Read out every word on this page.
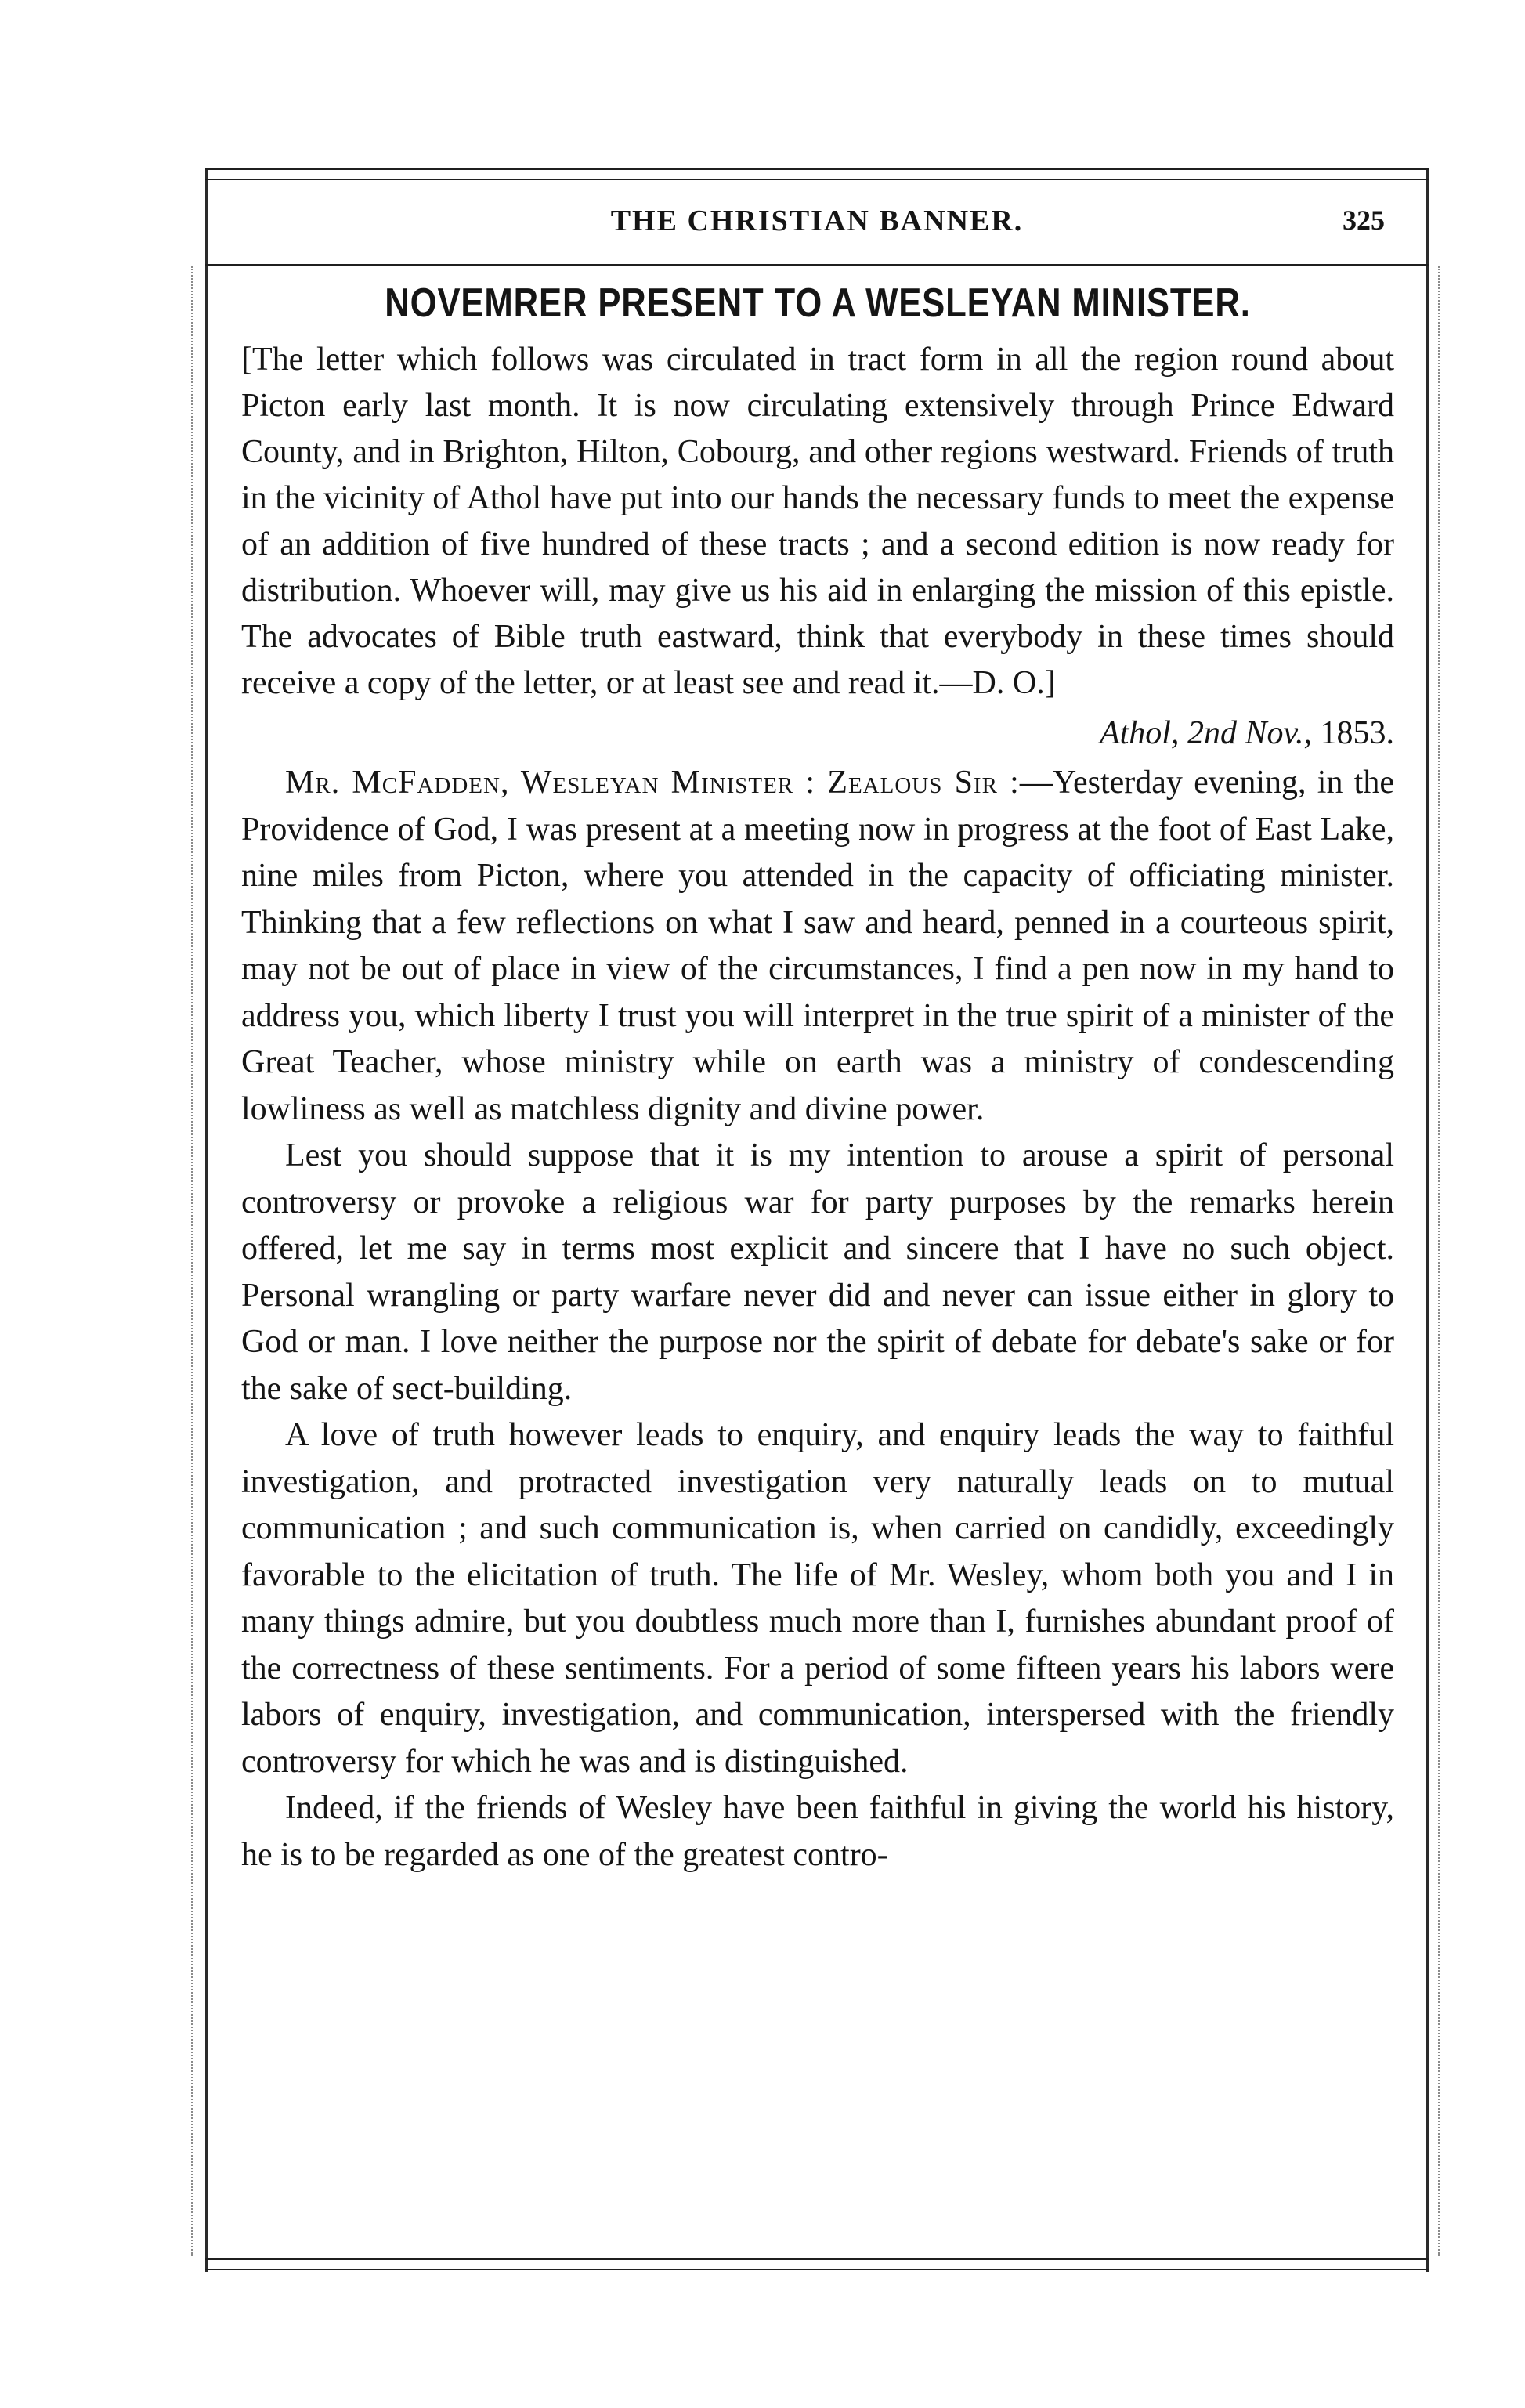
THE CHRISTIAN BANNER.	325
NOVEMRER PRESENT TO A WESLEYAN MINISTER.

[The letter which follows was circulated in tract form in all the region round about Picton early last month. It is now circulating extensively through Prince Edward County, and in Brighton, Hilton, Cobourg, and other regions westward. Friends of truth in the vicinity of Athol have put into our hands the necessary funds to meet the expense of an addition of five hundred of these tracts ; and a second edition is now ready for distribution. Whoever will, may give us his aid in enlarging the mission of this epistle. The advocates of Bible truth eastward, think that everybody in these times should receive a copy of the letter, or at least see and read it.—D. O.]

Athol, 2nd Nov., 1853.

Mr. McFadden, Wesleyan Minister : Zealous Sir :—Yesterday evening, in the Providence of God, I was present at a meeting now in progress at the foot of East Lake, nine miles from Picton, where you attended in the capacity of officiating minister. Thinking that a few reflections on what I saw and heard, penned in a courteous spirit, may not be out of place in view of the circumstances, I find a pen now in my hand to address you, which liberty I trust you will interpret in the true spirit of a minister of the Great Teacher, whose ministry while on earth was a ministry of condescending lowliness as well as matchless dignity and divine power.

Lest you should suppose that it is my intention to arouse a spirit of personal controversy or provoke a religious war for party purposes by the remarks herein offered, let me say in terms most explicit and sincere that I have no such object. Personal wrangling or party warfare never did and never can issue either in glory to God or man. I love neither the purpose nor the spirit of debate for debate's sake or for the sake of sect-building.

A love of truth however leads to enquiry, and enquiry leads the way to faithful investigation, and protracted investigation very naturally leads on to mutual communication ; and such communication is, when carried on candidly, exceedingly favorable to the elicitation of truth. The life of Mr. Wesley, whom both you and I in many things admire, but you doubtless much more than I, furnishes abundant proof of the correctness of these sentiments. For a period of some fifteen years his labors were labors of enquiry, investigation, and communication, interspersed with the friendly controversy for which he was and is distinguished.

Indeed, if the friends of Wesley have been faithful in giving the world his history, he is to be regarded as one of the greatest contro-
